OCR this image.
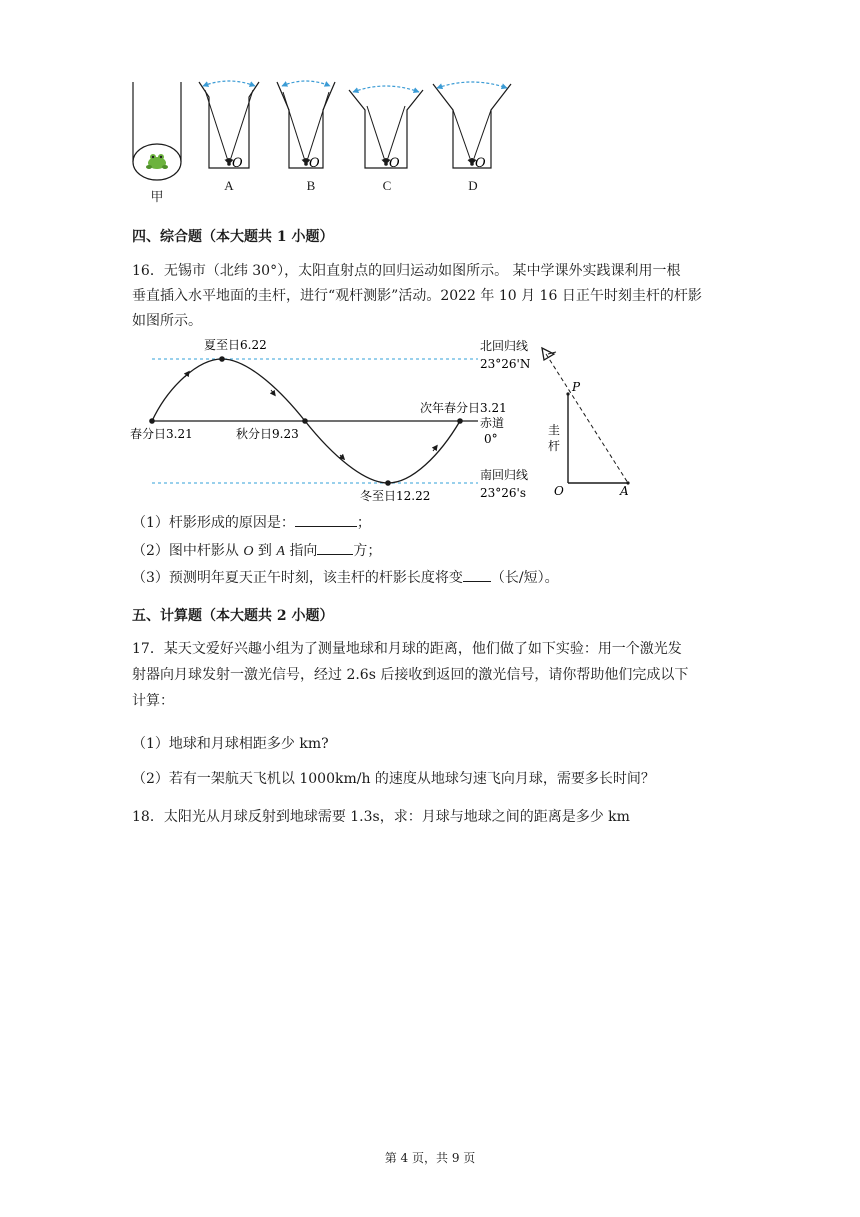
O	O	O	O
甲
A	B	C	D
四、综合题（本大题共 1 小题）
16．无锡市（北纬 30°），太阳直射点的回归运动如图所示。 某中学课外实践课利用一根
垂直插入水平地面的圭杆，进行“观杆测影”活动。2022 年 10 月 16 日正午时刻圭杆的杆影
如图所示。
夏至日6.22	北回归线
23°26'N
次年春分日3.21
赤道
0°
春分日3.21	秋分日9.23
南回归线
23°26's
冬至日12.22
P
圭
杆
O	A
（1）杆影形成的原因是：	；
（2）图中杆影从 O 到 A 指向	方；
（3）预测明年夏天正午时刻，该圭杆的杆影长度将变 （长/短）。
五、计算题（本大题共 2 小题）
17．某天文爱好兴趣小组为了测量地球和月球的距离，他们做了如下实验：用一个激光发
射器向月球发射一激光信号，经过 2.6s 后接收到返回的激光信号，请你帮助他们完成以下
计算：
（1）地球和月球相距多少 km?
（2）若有一架航天飞机以 1000km/h 的速度从地球匀速飞向月球，需要多长时间？
18．太阳光从月球反射到地球需要 1.3s，求：月球与地球之间的距离是多少 km
第 4 页，共 9 页
